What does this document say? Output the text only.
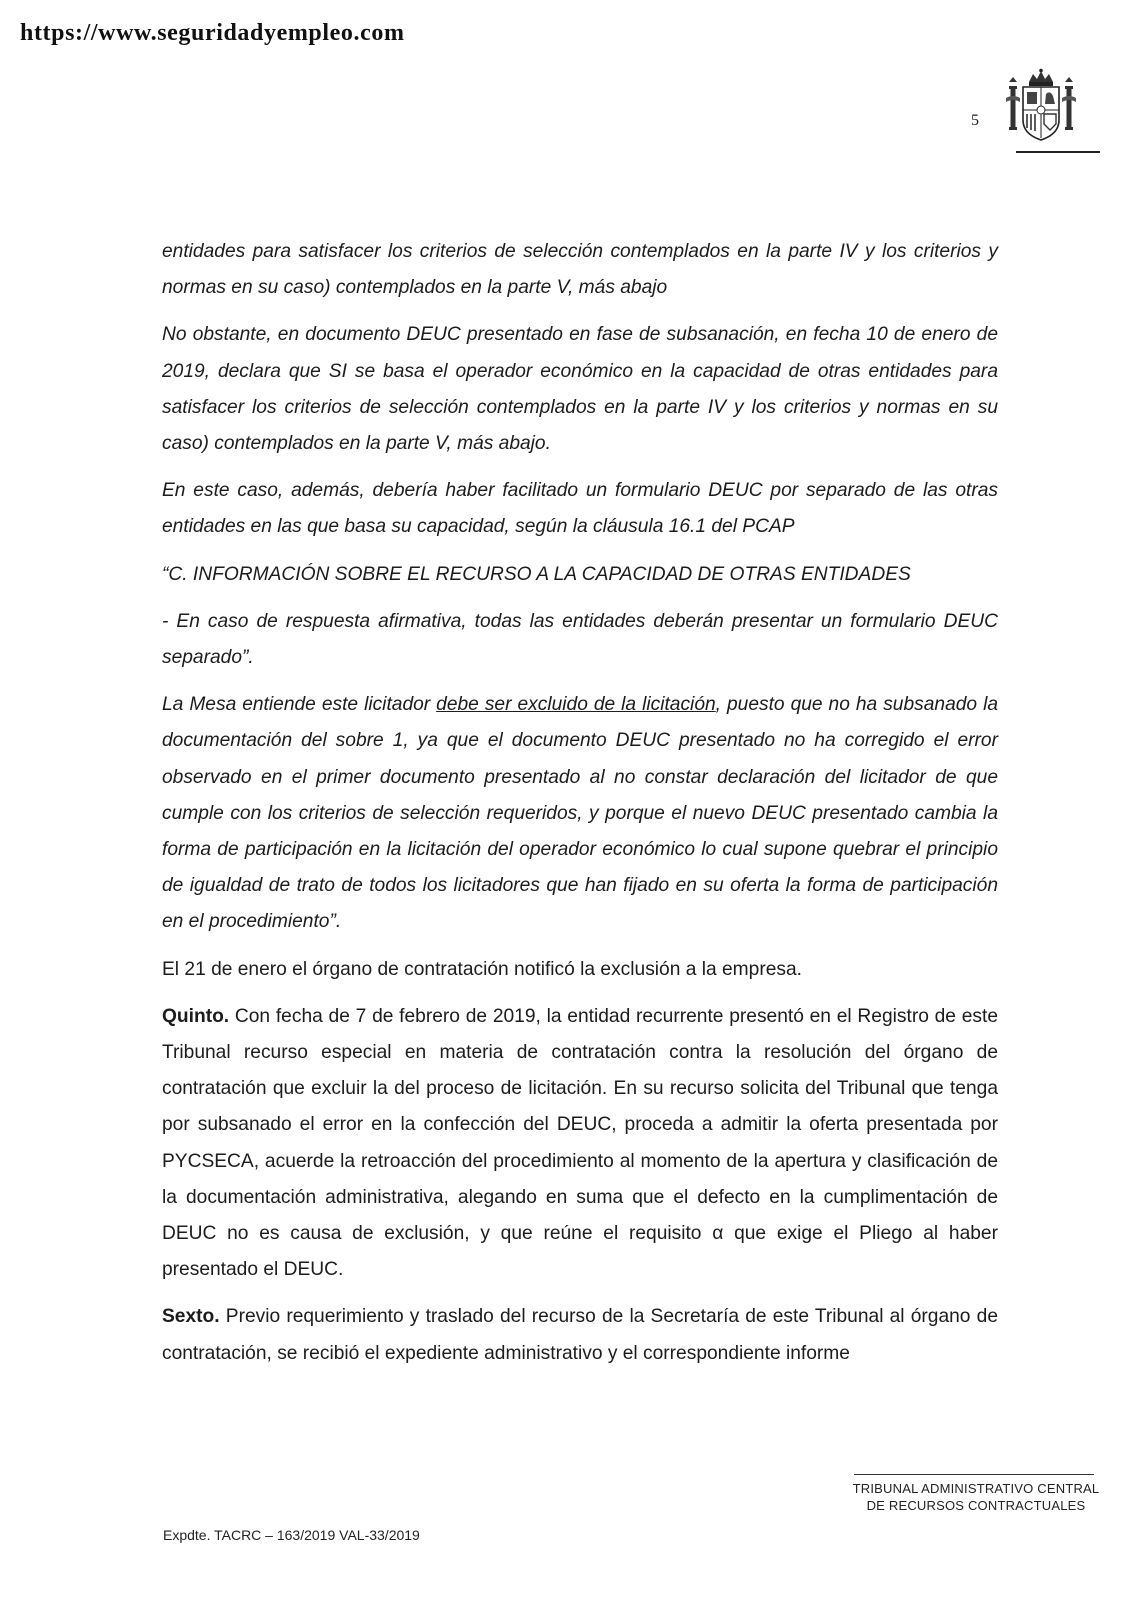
https://www.seguridadyempleo.com
5

entidades para satisfacer los criterios de selección contemplados en la parte IV y los criterios y normas en su caso) contemplados en la parte V, más abajo

No obstante, en documento DEUC presentado en fase de subsanación, en fecha 10 de enero de 2019, declara que SI se basa el operador económico en la capacidad de otras entidades para satisfacer los criterios de selección contemplados en la parte IV y los criterios y normas en su caso) contemplados en la parte V, más abajo.

En este caso, además, debería haber facilitado un formulario DEUC por separado de las otras entidades en las que basa su capacidad, según la cláusula 16.1 del PCAP

“C. INFORMACIÓN SOBRE EL RECURSO A LA CAPACIDAD DE OTRAS ENTIDADES

- En caso de respuesta afirmativa, todas las entidades deberán presentar un formulario DEUC separado”.

La Mesa entiende este licitador debe ser excluido de la licitación, puesto que no ha subsanado la documentación del sobre 1, ya que el documento DEUC presentado no ha corregido el error observado en el primer documento presentado al no constar declaración del licitador de que cumple con los criterios de selección requeridos, y porque el nuevo DEUC presentado cambia la forma de participación en la licitación del operador económico lo cual supone quebrar el principio de igualdad de trato de todos los licitadores que han fijado en su oferta la forma de participación en el procedimiento”.

El 21 de enero el órgano de contratación notificó la exclusión a la empresa.

Quinto. Con fecha de 7 de febrero de 2019, la entidad recurrente presentó en el Registro de este Tribunal recurso especial en materia de contratación contra la resolución del órgano de contratación que excluir la del proceso de licitación. En su recurso solicita del Tribunal que tenga por subsanado el error en la confección del DEUC, proceda a admitir la oferta presentada por PYCSECA, acuerde la retroacción del procedimiento al momento de la apertura y clasificación de la documentación administrativa, alegando en suma que el defecto en la cumplimentación de DEUC no es causa de exclusión, y que reúne el requisito α que exige el Pliego al haber presentado el DEUC.

Sexto. Previo requerimiento y traslado del recurso de la Secretaría de este Tribunal al órgano de contratación, se recibió el expediente administrativo y el correspondiente informe

TRIBUNAL ADMINISTRATIVO CENTRAL
DE RECURSOS CONTRACTUALES
Expdte. TACRC – 163/2019 VAL-33/2019
